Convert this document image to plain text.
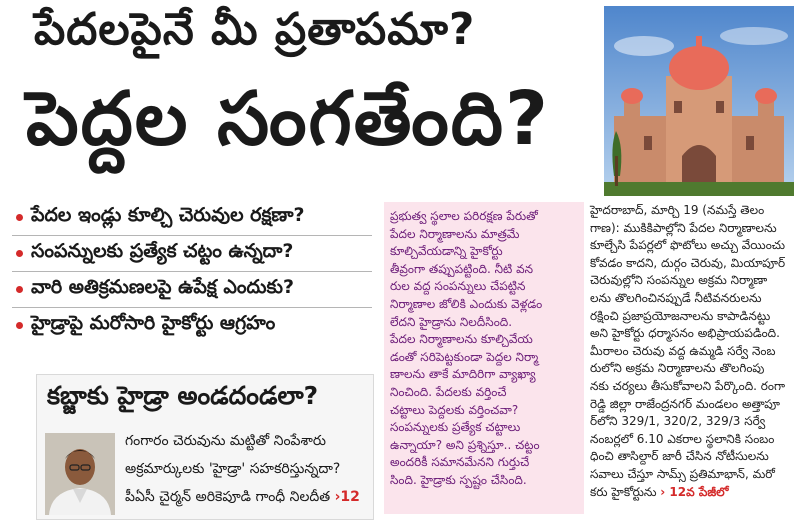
పేదలపైనే మీ ప్రతాపమా?
పెద్దల సంగతేంది?
పేదల ఇండ్లు కూల్చి చెరువుల రక్షణా?
సంపన్నులకు ప్రత్యేక చట్టం ఉన్నదా?
వారి అతిక్రమణలపై ఉపేక్ష ఎందుకు?
హైడ్రాపై మరోసారి హైకోర్టు ఆగ్రహం
కబ్జాకు హైడ్రా అండదండలా?
గంగారం చెరువును మట్టితో నింపేశారు
అక్రమార్కులకు 'హైడ్రా' సహకరిస్తున్నదా?
పీఏసీ చైర్మన్ అరికెపూడి గాంధీ నిలదీత ›12
ప్రభుత్వ స్థలాల పరిరక్షణ పేరుతో
పేదల నిర్మాణాలను మాత్రమే
కూల్చివేయడాన్ని హైకోర్టు
తీవ్రంగా తప్పుపట్టింది. నీటి వన
రుల వద్ద సంపన్నులు చేపట్టిన
నిర్మాణాల జోలికి ఎందుకు వెళ్లడం
లేదని హైడ్రాను నిలదీసింది.
పేదల నిర్మాణాలను కూల్చివేయ
డంతో సరిపెట్టకుండా పెద్దల నిర్మా
ణాలను తాకే మాదిరిగా వ్యాఖ్యా
నించింది. పేదలకు వర్తించే
చట్టాలు పెద్దలకు వర్తించవా?
సంపన్నులకు ప్రత్యేక చట్టాలు
ఉన్నాయా? అని ప్రశ్నిస్తూ.. చట్టం
అందరికీ సమానమేనని గుర్తుచే
సింది. హైడ్రాకు స్పష్టం చేసింది.
హైదరాబాద్, మార్చి 19 (నమస్తే తెలం
గాణ): ముకికిపాల్లోని పేదల నిర్మాణాలను
కూల్చేసి పేపర్లలో ఫొటోలు అచ్చు వేయించు
కోవడం కాదని, దుర్గం చెరువు, మియాపూర్
చెరువుల్లోని సంపన్నుల అక్రమ నిర్మాణా
లను తొలగించినప్పుడే నీటివనరులను
రక్షించి ప్రజాప్రయోజనాలను కాపాడినట్టు
అని హైకోర్టు ధర్మాసనం అభిప్రాయపడింది.
మీరాలం చెరువు వద్ద ఉమ్మడి సర్వే నెంబ
రులోని అక్రమ నిర్మాణాలను తొలగింపు
నకు చర్యలు తీసుకోవాలని పేర్కొంది. రంగా
రెడ్డి జిల్లా రాజేంద్రనగర్ మండలం అత్తాపూ
ర్‌లోని 329/1, 320/2, 329/3 సర్వే
నంబర్లలో 6.10 ఎకరాల స్థలానికి సంబం
ధించి తాసిల్దార్ జారీ చేసిన నోటీసులను
సవాలు చేస్తూ సామ్స్ ప్రతిమాభాన్, మరో
కరు హైకోర్టును › 12వ పేజీలో
